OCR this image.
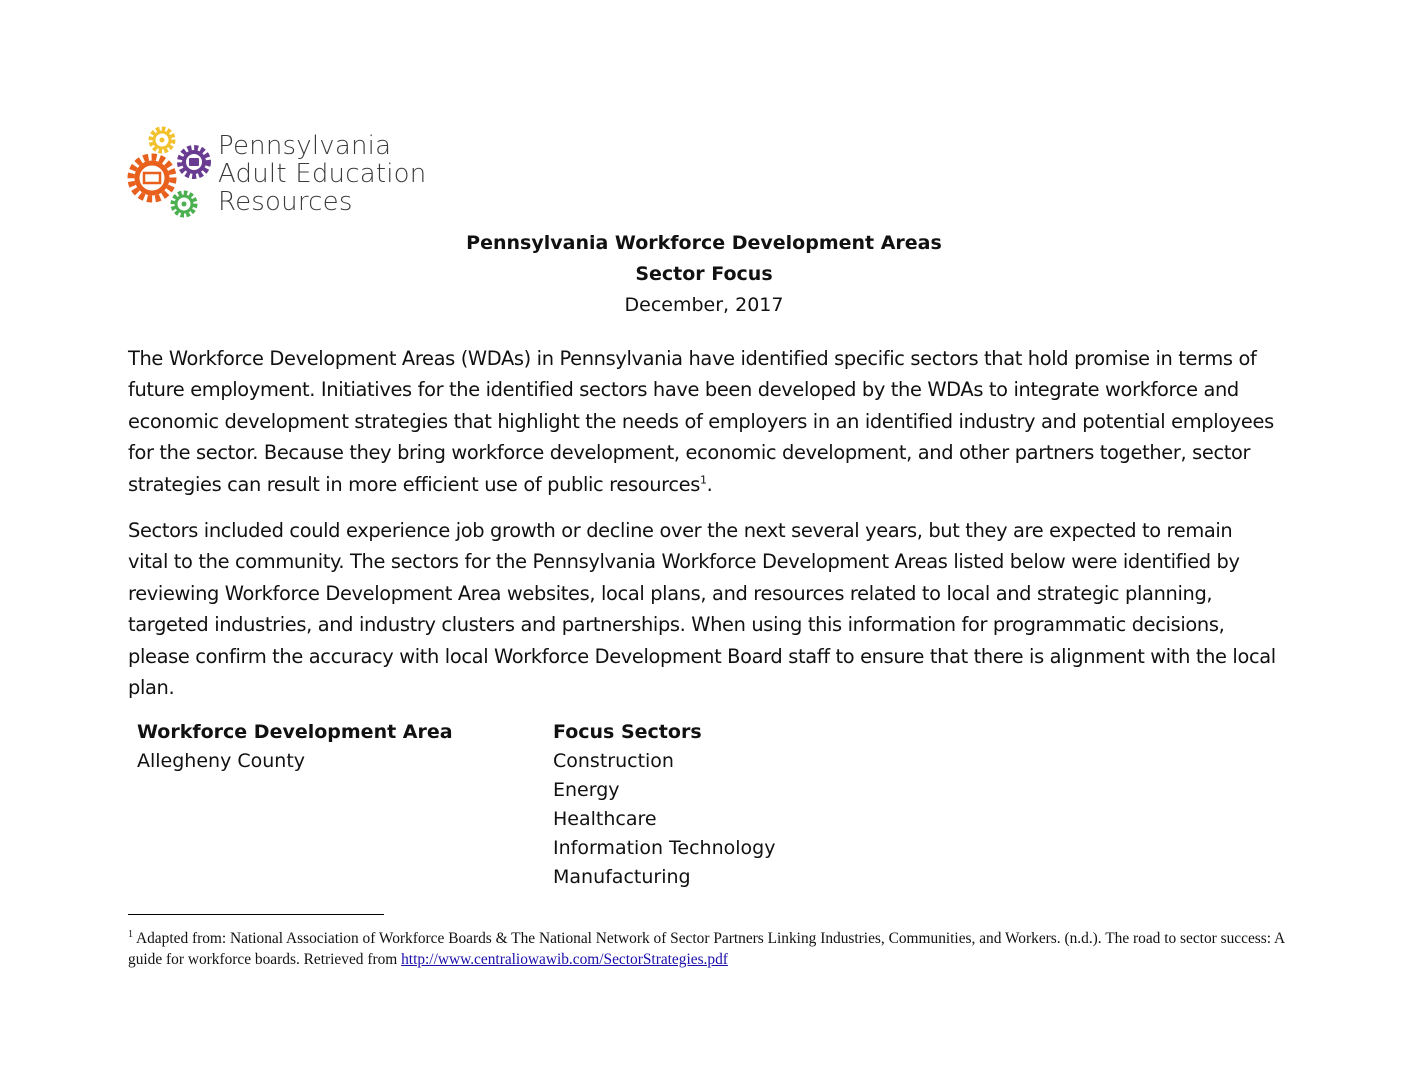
Pennsylvania
Adult Education
Resources
Pennsylvania Workforce Development Areas
Sector Focus
December, 2017

The Workforce Development Areas (WDAs) in Pennsylvania have identified specific sectors that hold promise in terms of future employment. Initiatives for the identified sectors have been developed by the WDAs to integrate workforce and economic development strategies that highlight the needs of employers in an identified industry and potential employees for the sector. Because they bring workforce development, economic development, and other partners together, sector strategies can result in more efficient use of public resources$^1$.

Sectors included could experience job growth or decline over the next several years, but they are expected to remain vital to the community. The sectors for the Pennsylvania Workforce Development Areas listed below were identified by reviewing Workforce Development Area websites, local plans, and resources related to local and strategic planning, targeted industries, and industry clusters and partnerships. When using this information for programmatic decisions, please confirm the accuracy with local Workforce Development Board staff to ensure that there is alignment with the local plan.

Workforce Development Area
Allegheny County
Focus Sectors
Construction
Energy
Healthcare
Information Technology
Manufacturing
$^1$ Adapted from: National Association of Workforce Boards & The National Network of Sector Partners Linking Industries, Communities, and Workers. (n.d.). The road to sector success: A guide for workforce boards. Retrieved from http://www.centraliowawib.com/SectorStrategies.pdf
